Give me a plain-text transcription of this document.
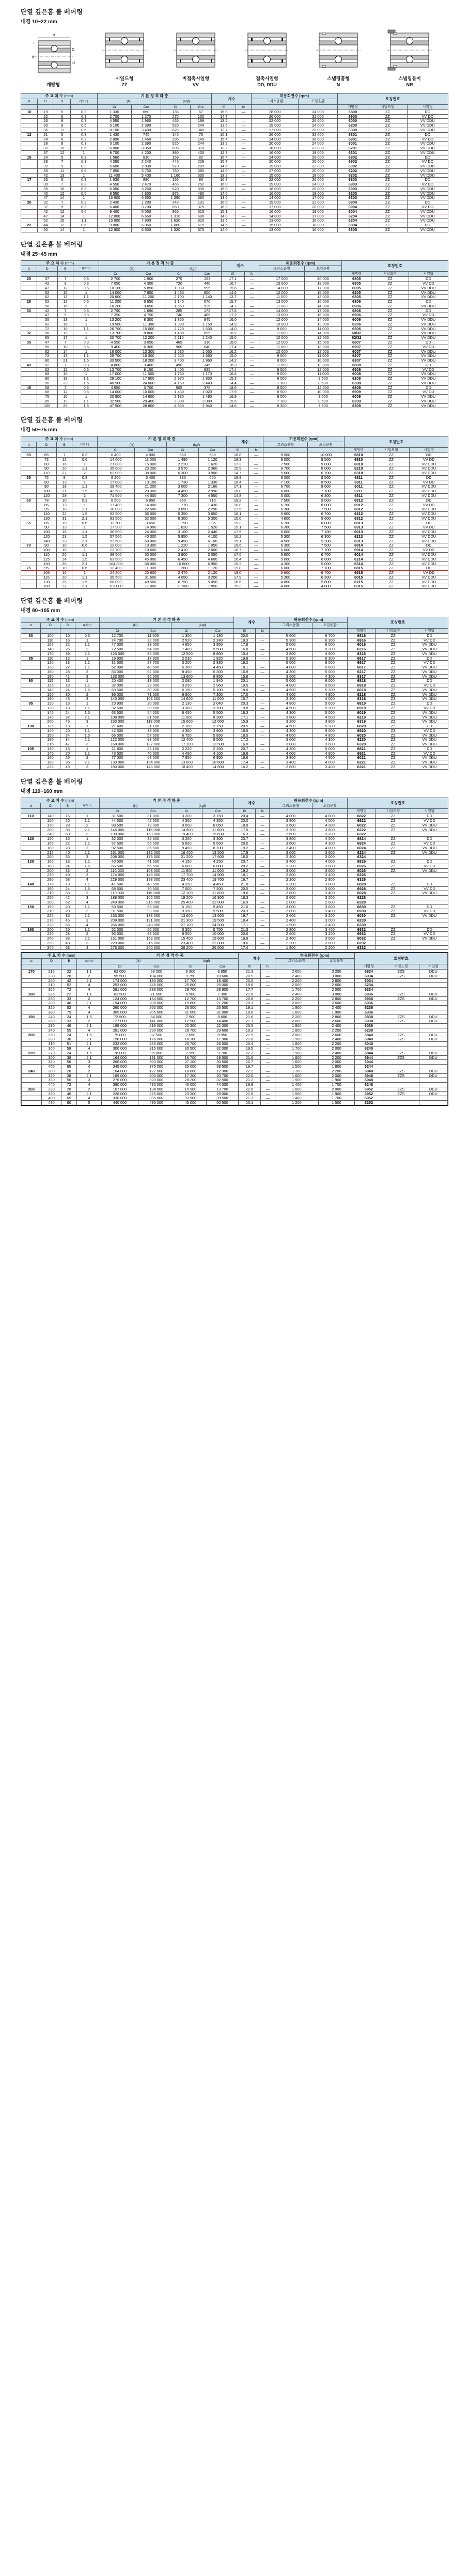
단열 깊은홈 볼 베어링
내경 10~22 mm
B
r
d
D
d2
개방형
시일드형
ZZ
비접촉시일형
VV
접촉시일형
DD, DDU
스냅링홈형
N
스냅링붙이
NR
주 요 치 수 (mm)				기 본 정 격 하 중				계수		허용회전수 (rpm)		호칭번호		
d	D	B	r(최소)	(N)		(kgf)				그리스윤활	오일윤활			
				Cr	Cor	Cr	Cor	f0	fc			개방형	시일드형	시일형
10	19	5	0.3	1 330	660	136	67	15.6	—	28 000	34 000	6800	ZZ	DD
	22	6	0.3	2 700	1 270	275	130	14.7	—	26 000	32 000	6900	ZZ	VV DD
	26	8	0.3	4 550	1 960	465	199	13.2	—	22 000	26 000	6000	ZZ	VV DDU
	30	9	0.6	5 100	2 390	520	244	13.6	—	19 000	24 000	6200	ZZ	VV DDU
	35	11	0.6	8 100	3 400	825	345	12.7	—	17 000	20 000	6300	ZZ	VV DDU
12	21	5	0.3	1 430	745	146	76	16.1	—	26 000	32 000	6801	ZZ	DD
	24	6	0.3	2 890	1 460	295	149	15.4	—	24 000	30 000	6901	ZZ	VV DD
	28	8	0.3	5 100	2 390	520	244	13.9	—	20 000	24 000	6001	ZZ	VV DDU
	32	10	0.6	6 800	3 050	695	310	13.2	—	18 000	22 000	6201	ZZ	VV DDU
	37	12	1	9 700	4 200	990	430	12.7	—	16 000	19 000	6301	ZZ	VV DDU
15	24	5	0.3	1 560	810	159	82	16.4	—	24 000	28 000	6802	ZZ	DD
	28	7	0.3	4 350	2 240	445	228	15.7	—	20 000	26 000	6902	ZZ	VV DD
	32	9	0.3	5 600	2 830	570	289	14.6	—	19 000	22 000	6002	ZZ	VV DDU
	35	11	0.6	7 650	3 750	780	385	14.0	—	17 000	20 000	6202	ZZ	VV DDU
	42	13	1	11 400	5 400	1 160	550	13.2	—	15 000	18 000	6302	ZZ	VV DDU
17	26	5	0.3	1 630	880	166	90	16.7	—	22 000	26 000	6803	ZZ	DD
	30	7	0.3	4 550	2 470	465	252	16.0	—	19 000	24 000	6903	ZZ	VV DD
	35	10	0.3	6 050	3 250	620	330	15.0	—	18 000	20 000	6003	ZZ	VV DDU
	40	12	0.6	9 550	4 800	975	490	14.0	—	16 000	19 000	6203	ZZ	VV DDU
	47	14	1	13 600	6 650	1 390	680	13.2	—	14 000	17 000	6303	ZZ	VV DDU
20	32	7	0.3	2 430	1 280	248	131	16.6	—	19 000	22 000	6804	ZZ	DD
	37	9	0.3	6 400	3 700	650	375	16.3	—	17 000	20 000	6904	ZZ	VV DD
	42	12	0.6	9 400	5 050	960	515	15.1	—	16 000	19 000	6004	ZZ	VV DDU
	47	14	1	12 800	6 650	1 310	680	14.0	—	14 000	17 000	6204	ZZ	VV DDU
	52	15	1.1	15 900	7 900	1 620	810	13.5	—	13 000	16 000	6304	ZZ	VV DDU
22	44	12	0.6	9 800	5 050	1 000	515	14.5	—	15 000	18 000	6804	ZZ	DD
	50	14	1	12 900	6 600	1 320	675	14.0	—	13 000	16 000	6305	ZZ	VV DDU
단열 깊은홈 볼 베어링
내경 25~45 mm
주 요 치 수 (mm)				기 본 정 격 하 중				계수		허용회전수 (rpm)		호칭번호		
d	D	B	r(최소)	(N)		(kgf)				그리스윤활	오일윤활			
				Cr	Cor	Cr	Cor	f0	fc			개방형	시일드형	시일형
25	37	7	0.3	2 700	1 500	275	153	17.1	—	17 000	20 000	6805	ZZ	DD
	42	9	0.3	7 050	4 300	720	440	16.7	—	15 000	18 000	6905	ZZ	VV DD
	47	12	0.6	10 100	5 850	1 030	595	15.6	—	14 000	17 000	6005	ZZ	VV DDU
	52	15	1	14 000	7 850	1 430	800	14.6	—	12 000	15 000	6205	ZZ	VV DDU
	62	17	1.1	20 600	11 200	2 100	1 140	13.7	—	11 000	13 000	6305	ZZ	VV DDU
28	52	12	0.6	11 200	6 550	1 140	670	15.7	—	13 000	16 000	6806	ZZ	DD
	58	16	1	16 200	9 050	1 650	925	14.7	—	11 000	14 000	6906	ZZ	VV DDU
30	42	7	0.3	2 790	1 690	285	172	17.6	—	14 000	17 000	6806	ZZ	DD
	47	9	0.3	7 250	4 750	740	485	17.2	—	13 000	16 000	6906	ZZ	VV DD
	55	13	1	13 200	8 300	1 350	845	16.0	—	12 000	14 000	6006	ZZ	VV DDU
	62	16	1	19 500	11 300	1 990	1 150	14.9	—	10 000	13 000	6206	ZZ	VV DDU
	72	19	1.1	26 700	15 000	2 720	1 530	14.0	—	9 000	11 000	6306	ZZ	VV DDU
32	58	13	1	13 700	8 800	1 400	895	16.2	—	11 000	14 000	60/32	ZZ	VV DDU
	65	17	1	20 700	12 200	2 110	1 240	15.0	—	10 000	12 000	62/32	ZZ	VV DDU
35	47	7	0.3	4 550	3 050	465	310	18.0	—	12 000	15 000	6807	ZZ	DD
	55	10	0.6	9 400	6 300	960	640	17.4	—	11 000	13 000	6907	ZZ	VV DD
	62	14	1	16 000	10 300	1 630	1 050	16.2	—	10 000	12 000	6007	ZZ	VV DDU
	72	17	1.1	25 700	15 300	2 620	1 560	15.0	—	9 000	11 000	6207	ZZ	VV DDU
	80	21	1.5	33 500	19 200	3 400	1 960	14.2	—	8 000	10 000	6307	ZZ	VV DDU
40	52	7	0.3	4 800	3 400	490	345	18.3	—	11 000	13 000	6808	ZZ	DD
	62	12	0.6	13 700	9 150	1 400	935	17.4	—	9 500	12 000	6908	ZZ	VV DD
	68	15	1	17 000	11 500	1 730	1 170	16.6	—	9 000	11 000	6008	ZZ	VV DDU
	80	18	1.1	29 100	17 900	2 970	1 830	15.3	—	8 000	9 500	6208	ZZ	VV DDU
	90	23	1.5	40 500	24 000	4 150	2 440	14.4	—	7 100	8 500	6308	ZZ	VV DDU
45	58	7	0.3	4 950	3 700	505	375	18.6	—	9 500	12 000	6809	ZZ	DD
	68	12	0.6	14 000	10 000	1 430	1 020	17.9	—	8 500	10 000	6909	ZZ	VV DD
	75	16	1	20 900	14 600	2 130	1 490	16.9	—	8 000	9 500	6009	ZZ	VV DDU
	85	19	1.1	32 500	20 400	3 300	2 080	15.5	—	7 100	8 500	6209	ZZ	VV DDU
	100	25	1.5	47 500	28 800	4 850	2 940	14.6	—	6 300	7 500	6309	ZZ	VV DDU
단열 깊은홈 볼 베어링
내경 50~75 mm
주 요 치 수 (mm)				기 본 정 격 하 중				계수		허용회전수 (rpm)		호칭번호		
d	D	B	r(최소)	(N)		(kgf)				그리스윤활	오일윤활			
				Cr	Cor	Cr	Cor	f0	fc			개방형	시일드형	시일형
50	65	7	0.3	6 400	4 900	650	500	18.8	—	8 500	10 000	6810	ZZ	DD
	72	12	0.6	14 600	11 000	1 490	1 120	18.3	—	8 000	9 500	6910	ZZ	VV DD
	80	16	1	21 800	15 900	2 220	1 620	17.3	—	7 500	9 000	6010	ZZ	VV DDU
	90	20	1.1	35 000	23 200	3 570	2 360	15.9	—	6 700	8 000	6210	ZZ	VV DDU
	110	27	2	62 000	38 000	6 300	3 900	14.7	—	5 600	6 700	6310	ZZ	VV DDU
55	72	9	0.3	8 200	6 400	835	650	18.9	—	8 000	9 500	6811	ZZ	DD
	80	13	1	17 000	13 100	1 730	1 330	18.4	—	7 100	8 500	6911	ZZ	VV DD
	90	18	1.1	29 400	21 200	3 000	2 160	17.1	—	6 700	8 000	6011	ZZ	VV DDU
	100	21	1.5	43 500	29 300	4 450	2 990	16.0	—	6 000	7 100	6211	ZZ	VV DDU
	120	29	2	71 500	44 500	7 300	4 550	14.8	—	5 000	6 300	6311	ZZ	VV DDU
60	78	10	0.3	8 500	6 950	865	710	19.2	—	7 500	9 000	6812	ZZ	DD
	85	13	1	17 400	14 000	1 770	1 430	18.8	—	6 700	8 000	6912	ZZ	VV DD
	95	18	1.1	30 000	22 500	3 050	2 290	17.5	—	6 300	7 500	6012	ZZ	VV DDU
	110	22	1.5	52 500	36 000	5 350	3 650	16.1	—	5 600	6 700	6212	ZZ	VV DDU
	130	31	2.1	81 500	52 000	8 300	5 300	15.0	—	4 800	5 600	6312	ZZ	VV DDU
65	85	10	0.6	11 700	9 650	1 190	985	19.3	—	6 700	8 000	6813	ZZ	DD
	90	13	1	17 900	14 900	1 820	1 520	19.1	—	6 300	7 500	6913	ZZ	VV DD
	100	18	1.1	30 500	24 000	3 100	2 440	17.9	—	6 000	7 100	6013	ZZ	VV DDU
	120	23	1.5	57 500	40 000	5 850	4 100	16.2	—	5 300	6 300	6213	ZZ	VV DDU
	140	33	2.1	92 500	60 000	9 450	6 100	15.1	—	4 500	5 300	6313	ZZ	VV DDU
70	90	10	0.6	12 000	10 300	1 220	1 050	19.6	—	6 300	7 500	6814	ZZ	DD
	100	16	1	23 700	19 600	2 410	2 000	18.7	—	6 000	7 100	6914	ZZ	VV DD
	110	20	1.1	38 500	30 000	3 900	3 050	17.6	—	5 600	6 700	6014	ZZ	VV DDU
	125	24	1.5	63 500	45 000	6 450	4 600	16.4	—	5 000	6 000	6214	ZZ	VV DDU
	150	35	2.1	104 000	68 000	10 600	6 950	15.2	—	4 300	5 000	6314	ZZ	VV DDU
75	95	10	0.6	12 400	11 000	1 260	1 120	19.8	—	6 000	7 100	6815	ZZ	DD
	105	16	1	24 200	20 800	2 470	2 120	19.0	—	5 600	6 700	6915	ZZ	VV DD
	115	20	1.1	39 500	31 500	4 050	3 200	17.9	—	5 300	6 300	6015	ZZ	VV DDU
	130	25	1.5	66 000	49 500	6 750	5 050	16.6	—	4 800	5 600	6215	ZZ	VV DDU
	160	37	2.1	113 000	77 000	11 500	7 850	15.3	—	4 000	4 800	6315	ZZ	VV DDU
단열 깊은홈 볼 베어링
내경 80~105 mm
주 요 치 수 (mm)				기 본 정 격 하 중				계수		허용회전수 (rpm)		호칭번호		
d	D	B	r(최소)	(N)		(kgf)				그리스윤활	오일윤활			
				Cr	Cor	Cr	Cor	f0	fc			개방형	시일드형	시일형
80	100	10	0.6	12 700	11 600	1 300	1 180	20.0	—	5 600	6 700	6816	ZZ	DD
	110	16	1	24 700	22 000	2 520	2 240	19.3	—	5 300	6 300	6916	ZZ	VV DD
	125	22	1.1	47 500	39 000	4 850	3 950	17.8	—	5 000	6 000	6016	ZZ	VV DDU
	140	26	2	72 500	54 000	7 400	5 500	16.8	—	4 500	5 300	6216	ZZ	VV DDU
	170	39	2.1	123 000	86 500	12 500	8 800	15.4	—	3 800	4 500	6316	ZZ	VV DDU
85	110	13	1	19 900	17 900	2 030	1 820	19.8	—	5 300	6 300	6817	ZZ	DD
	120	18	1.1	31 500	27 700	3 200	2 830	19.2	—	5 000	6 000	6917	ZZ	VV DD
	130	22	1.1	52 000	43 500	5 300	4 450	18.1	—	4 800	5 600	6017	ZZ	VV DDU
	150	28	2	83 000	62 000	8 450	6 300	16.9	—	4 300	5 000	6217	ZZ	VV DDU
	180	41	3	133 000	96 500	13 600	9 850	15.6	—	3 600	4 300	6317	ZZ	VV DDU
90	115	13	1	20 400	19 000	2 080	1 940	20.1	—	5 000	6 000	6818	ZZ	DD
	125	18	1.1	32 000	29 000	3 250	2 960	19.5	—	4 800	5 600	6918	ZZ	VV DD
	140	24	1.5	60 500	50 000	6 150	5 100	18.0	—	4 500	5 300	6018	ZZ	VV DDU
	160	30	2	96 000	71 500	9 800	7 300	17.0	—	4 000	4 800	6218	ZZ	VV DDU
	190	43	3	143 000	108 000	14 600	11 000	15.7	—	3 400	4 000	6318	ZZ	VV DDU
95	120	13	1	20 900	20 000	2 130	2 040	20.3	—	4 800	5 600	6819	ZZ	DD
	130	18	1.1	32 500	30 500	3 300	3 100	19.8	—	4 500	5 300	6919	ZZ	VV DD
	145	24	1.5	63 500	54 000	6 450	5 500	18.3	—	4 300	5 000	6019	ZZ	VV DDU
	170	32	2.1	108 000	81 500	11 000	8 300	17.1	—	3 800	4 500	6219	ZZ	VV DDU
	200	45	3	153 000	118 000	15 600	12 000	15.9	—	3 200	3 800	6319	ZZ	VV DDU
100	125	13	1	21 400	21 100	2 180	2 150	20.5	—	4 500	5 300	6820	ZZ	DD
	140	20	1.1	42 500	38 500	4 350	3 900	19.5	—	4 300	5 000	6920	ZZ	VV DD
	150	24	1.5	66 000	57 500	6 750	5 850	18.5	—	4 000	4 800	6020	ZZ	VV DDU
	180	34	2.1	122 000	93 000	12 400	9 500	17.2	—	3 600	4 300	6220	ZZ	VV DDU
	215	47	3	168 000	132 000	17 100	13 500	16.0	—	3 000	3 600	6320	ZZ	VV DDU
105	130	13	1	21 800	22 100	2 220	2 250	20.7	—	4 300	5 000	6821	ZZ	DD
	145	20	1.1	43 500	40 500	4 450	4 100	19.8	—	4 000	4 800	6921	ZZ	VV DD
	160	26	2	77 000	68 000	7 850	6 950	18.6	—	3 800	4 500	6021	ZZ	VV DDU
	190	36	2.1	133 000	104 000	13 600	10 600	17.4	—	3 400	4 000	6221	ZZ	VV DDU
	225	49	3	180 000	143 000	18 400	14 600	16.2	—	2 800	3 400	6321	ZZ	VV DDU
단열 깊은홈 볼 베어링
내경 110~160 mm
주 요 치 수 (mm)				기 본 정 격 하 중				계수		허용회전수 (rpm)		호칭번호		
d	D	B	r(최소)	(N)		(kgf)				그리스윤활	오일윤활			
				Cr	Cor	Cr	Cor	f0	fc			개방형	시일드형	시일형
110	140	16	1	31 500	31 000	3 200	3 150	20.4	—	4 000	4 800	6822	ZZ	DD
	150	20	1.1	44 500	42 500	4 550	4 350	20.0	—	3 800	4 500	6922	ZZ	VV DD
	170	28	2	88 500	79 000	9 000	8 050	18.8	—	3 600	4 300	6022	ZZ	VV DDU
	200	38	2.1	146 000	116 000	14 900	11 800	17.5	—	3 200	3 800	6222	ZZ	VV DDU
	240	50	3	190 000	153 000	19 400	15 600	16.3	—	2 600	3 200	6322		
120	150	16	1	32 000	32 500	3 250	3 300	20.7	—	3 800	4 500	6824	ZZ	DD
	165	22	1.1	57 500	55 500	5 850	5 650	20.0	—	3 600	4 300	6924	ZZ	VV DD
	180	28	2	92 500	85 500	9 450	8 700	19.2	—	3 400	4 000	6024	ZZ	VV DDU
	215	40	2.1	161 000	132 000	16 400	13 500	17.8	—	3 000	3 600	6224	ZZ	VV DDU
	260	55	3	208 000	173 000	21 200	17 600	16.5	—	2 400	3 000	6324		
130	165	18	1.1	40 500	41 500	4 150	4 250	20.7	—	3 400	4 000	6826	ZZ	DD
	180	24	1.5	66 500	66 500	6 800	6 800	20.2	—	3 200	3 800	6926	ZZ	VV DD
	200	33	2	116 000	108 000	11 800	11 000	19.2	—	3 000	3 600	6026	ZZ	VV DDU
	230	40	3	174 000	146 000	17 700	14 900	18.1	—	2 800	3 400	6226		
	280	58	4	229 000	193 000	23 400	19 700	16.7	—	2 200	2 800	6326		
140	175	18	1.1	41 500	43 500	4 250	4 450	21.0	—	3 200	3 800	6828	ZZ	DD
	190	24	1.5	68 500	70 500	7 000	7 200	20.5	—	3 000	3 600	6928	ZZ	VV DD
	210	33	2	119 000	116 000	12 100	11 800	19.6	—	2 800	3 400	6028	ZZ	VV DDU
	250	42	3	188 000	166 000	19 200	16 900	18.3	—	2 600	3 200	6228		
	300	62	4	249 000	216 000	25 400	22 000	16.9	—	2 000	2 600	6328		
150	190	20	1.1	50 500	53 500	5 150	5 450	21.0	—	3 000	3 600	6830	ZZ	DD
	210	28	2	91 500	93 000	9 350	9 500	20.3	—	2 800	3 400	6930	ZZ	VV DD
	225	35	2.1	133 000	133 000	13 600	13 600	19.7	—	2 600	3 200	6030	ZZ	VV DDU
	270	45	3	209 000	191 000	21 300	19 500	18.4	—	2 400	3 000	6230		
	320	65	4	266 000	240 000	27 100	24 500	17.1	—	1 900	2 400	6330		
160	200	20	1.1	52 000	56 500	5 300	5 750	21.3	—	2 800	3 400	6832	ZZ	DD
	220	28	2	93 500	98 500	9 550	10 000	20.6	—	2 600	3 200	6932	ZZ	VV DD
	240	38	2.1	151 000	153 000	15 400	15 600	19.9	—	2 400	3 000	6032	ZZ	VV DDU
	290	48	3	229 000	216 000	23 400	22 000	18.6	—	2 200	2 800	6232		
	340	68	4	276 000	260 000	28 200	26 500	17.4	—	1 800	2 200	6332		
주 요 치 수 (mm)				기 본 정 격 하 중				계수		허용회전수 (rpm)		호칭번호		
d	D	B	r(최소)	(N)		(kgf)				그리스윤활	오일윤활			
				Cr	Cor	Cr	Cor	f0	fc			개방형	시일드형	시일형
170	215	22	1.1	62 000	68 000	6 300	6 950	21.3	—	2 600	3 200	6834	ZZS	DDU
	230	28	2	95 500	104 000	9 750	10 600	20.9	—	2 400	3 000	6934	ZZS	DDU
	260	42	2.1	174 000	180 000	17 700	18 400	20.0	—	2 200	2 800	6034		
	310	52	4	253 000	245 000	25 800	25 000	18.8	—	2 000	2 600	6234		
	360	72	4	291 000	283 000	29 700	28 900	17.7	—	1 700	2 000	6334		
180	225	22	1.1	63 500	71 500	6 500	7 300	21.6	—	2 400	3 000	6836	ZZS	DDU
	250	33	2	124 000	134 000	12 700	13 700	20.8	—	2 200	2 800	6936	ZZS	DDU
	280	46	2.1	194 000	208 000	19 800	21 200	20.1	—	2 000	2 600	6036		
	320	52	4	260 000	260 000	26 500	26 500	19.1	—	1 900	2 400	6236		
	380	75	4	305 000	305 000	31 000	31 000	18.0	—	1 600	1 900	6336		
190	240	24	1.5	73 500	84 000	7 500	8 600	21.6	—	2 200	2 800	6838	ZZS	DDU
	260	33	2	127 000	141 000	12 900	14 400	21.1	—	2 000	2 600	6938	ZZS	DDU
	290	46	2.1	199 000	219 000	20 300	22 300	20.5	—	1 900	2 400	6038		
	340	55	4	281 000	290 000	28 700	29 600	19.3	—	1 800	2 200	6238		
200	250	24	1.5	75 000	87 500	7 650	8 950	21.9	—	2 000	2 600	6840	ZZS	DDU
	280	38	2.1	158 000	176 000	16 100	17 900	21.0	—	1 900	2 400	6940	ZZS	DDU
	310	51	2.1	232 000	255 000	23 700	26 000	20.4	—	1 800	2 200	6040		
	360	58	4	300 000	315 000	30 500	32 000	19.5	—	1 700	2 000	6240		
220	270	24	1.5	78 000	95 000	7 950	9 700	22.3	—	1 900	2 400	6844	ZZS	DDU
	300	38	2.1	164 000	191 000	16 700	19 500	21.6	—	1 800	2 200	6944	ZZS	DDU
	340	56	3	266 000	300 000	27 100	30 500	20.7	—	1 600	2 000	6044		
	400	65	4	345 000	375 000	35 000	38 500	19.7	—	1 500	1 800	6244		
240	300	28	2	104 000	127 000	10 600	12 900	22.2	—	1 700	2 200	6848	ZZS	DDU
	320	38	2.1	169 000	203 000	17 200	20 700	22.0	—	1 600	2 000	6948	ZZS	DDU
	360	56	3	276 000	320 000	28 200	32 500	21.2	—	1 500	1 900	6048		
	440	72	4	390 000	430 000	40 000	44 000	19.9	—	1 400	1 700	6248		
260	320	28	2	107 000	134 000	10 900	13 700	22.6	—	1 600	2 000	6852	ZZS	DDU
	360	46	2.1	228 000	275 000	23 300	28 000	21.9	—	1 500	1 900	6952	ZZS	DDU
	400	65	4	330 000	385 000	33 500	39 500	21.3	—	1 400	1 700	6052		
	480	80	5	440 000	495 000	45 000	50 500	20.1	—	1 200	1 500	6252		
